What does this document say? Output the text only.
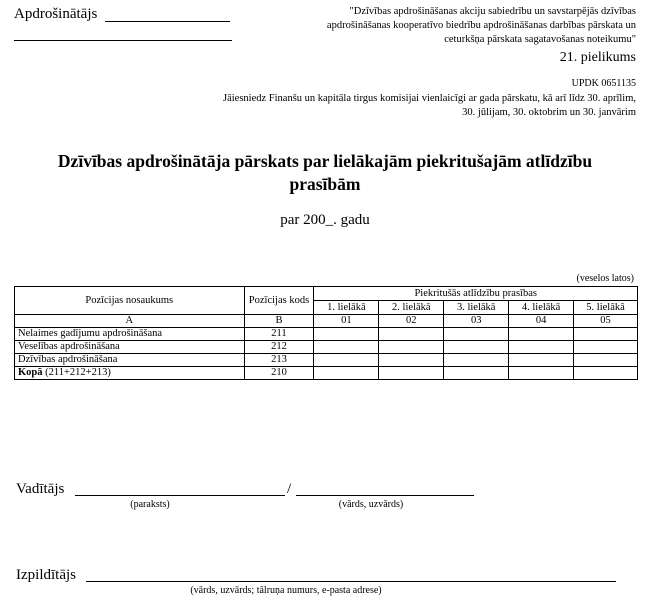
Apdrošinātājs	"Dzīvības apdrošināšanas akciju sabiedrību un savstarpējās dzīvības apdrošināšanas kooperatīvo biedrību apdrošināšanas darbības pārskata un ceturkšņa pārskata sagatavošanas noteikumu"
21. pielikums
UPDK 0651135
Jāiesniedz Finanšu un kapitāla tirgus komisijai vienlaicīgi ar gada pārskatu, kā arī līdz 30. aprīlim, 30. jūlijam, 30. oktobrim un 30. janvārim
Dzīvības apdrošinātāja pārskats par lielākajām piekritušajām atlīdzību prasībām
par 200_. gadu
(veselos latos)
Pozīcijas nosaukums	Pozīcijas kods	Piekritušās atlīdzību prasības				
		1. lielākā	2. lielākā	3. lielākā	4. lielākā	5. lielākā
A	B	01	02	03	04	05
Nelaimes gadījumu apdrošināšana	211					
Veselības apdrošināšana	212					
Dzīvības apdrošināšana	213					
Kopā (211+212+213)	210					
Vadītājs	/
(paraksts)	(vārds, uzvārds)
Izpildītājs
(vārds, uzvārds; tālruņa numurs, e-pasta adrese)
